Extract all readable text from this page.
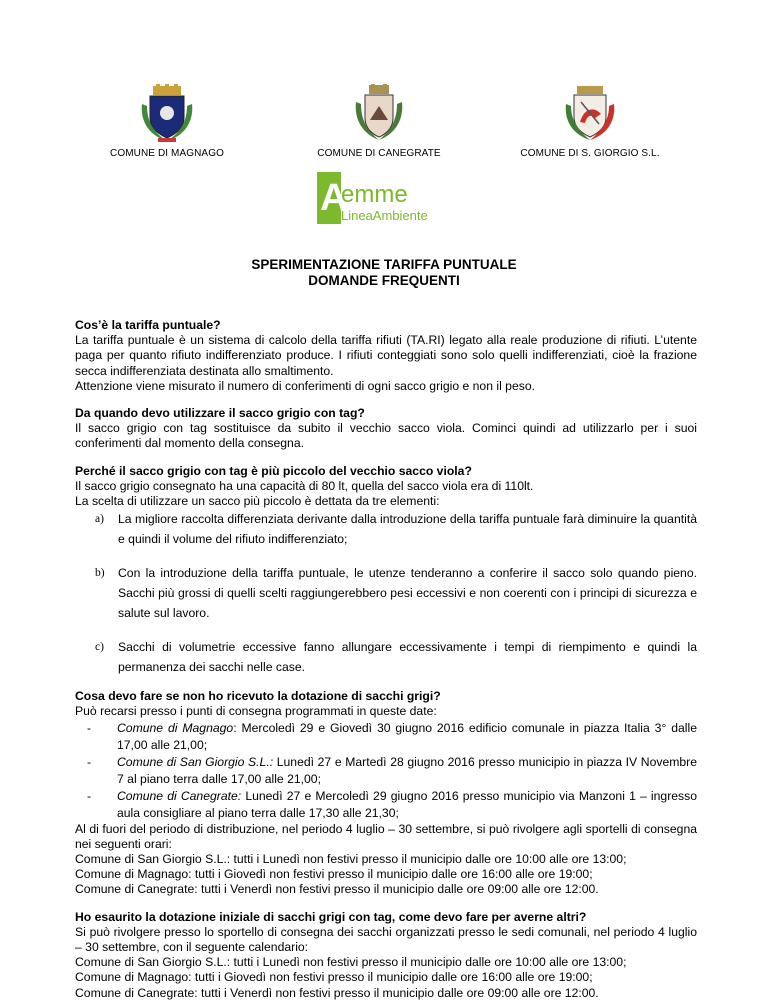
COMUNE DI MAGNAGO	COMUNE DI CANEGRATE	COMUNE DI S. GIORGIO S.L.
A
emme
LineaAmbiente
SPERIMENTAZIONE TARIFFA PUNTUALE
DOMANDE FREQUENTI

Cos’è la tariffa puntuale?

La tariffa puntuale è un sistema di calcolo della tariffa rifiuti (TA.RI) legato alla reale produzione di rifiuti. L’utente paga per quanto rifiuto indifferenziato produce. I rifiuti conteggiati sono solo quelli indifferenziati, cioè la frazione secca indifferenziata destinata allo smaltimento.

Attenzione viene misurato il numero di conferimenti di ogni sacco grigio e non il peso.

Da quando devo utilizzare il sacco grigio con tag?

Il sacco grigio con tag sostituisce da subito il vecchio sacco viola. Cominci quindi ad utilizzarlo per i suoi conferimenti dal momento della consegna.

Perché il sacco grigio con tag è più piccolo del vecchio sacco viola?

Il sacco grigio consegnato ha una capacità di 80 lt, quella del sacco viola era di 110lt.

La scelta di utilizzare un sacco più piccolo è dettata da tre elementi:

a) La migliore raccolta differenziata derivante dalla introduzione della tariffa puntuale farà diminuire la quantità e quindi il volume del rifiuto indifferenziato;
b) Con la introduzione della tariffa puntuale, le utenze tenderanno a conferire il sacco solo quando pieno. Sacchi più grossi di quelli scelti raggiungerebbero pesi eccessivi e non coerenti con i principi di sicurezza e salute sul lavoro.
c) Sacchi di volumetrie eccessive fanno allungare eccessivamente i tempi di riempimento e quindi la permanenza dei sacchi nelle case.

Cosa devo fare se non ho ricevuto la dotazione di sacchi grigi?

Può recarsi presso i punti di consegna programmati in queste date:

- Comune di Magnago: Mercoledì 29 e Giovedì 30 giugno 2016 edificio comunale in piazza Italia 3° dalle 17,00 alle 21,00;
- Comune di San Giorgio S.L.: Lunedì 27 e Martedì 28 giugno 2016 presso municipio in piazza IV Novembre 7 al piano terra dalle 17,00 alle 21,00;
- Comune di Canegrate: Lunedì 27 e Mercoledì 29 giugno 2016 presso municipio via Manzoni 1 – ingresso aula consigliare al piano terra dalle 17,30 alle 21,30;

Al di fuori del periodo di distribuzione, nel periodo 4 luglio – 30 settembre, si può rivolgere agli sportelli di consegna nei seguenti orari:

Comune di San Giorgio S.L.: tutti i Lunedì non festivi presso il municipio dalle ore 10:00 alle ore 13:00;

Comune di Magnago: tutti i Giovedì non festivi presso il municipio dalle ore 16:00 alle ore 19:00;

Comune di Canegrate: tutti i Venerdì non festivi presso il municipio dalle ore 09:00 alle ore 12:00.

Ho esaurito la dotazione iniziale di sacchi grigi con tag, come devo fare per averne altri?

Si può rivolgere presso lo sportello di consegna dei sacchi organizzati presso le sedi comunali, nel periodo 4 luglio – 30 settembre, con il seguente calendario:

Comune di San Giorgio S.L.: tutti i Lunedì non festivi presso il municipio dalle ore 10:00 alle ore 13:00;

Comune di Magnago: tutti i Giovedì non festivi presso il municipio dalle ore 16:00 alle ore 19:00;

Comune di Canegrate: tutti i Venerdì non festivi presso il municipio dalle ore 09:00 alle ore 12:00.
